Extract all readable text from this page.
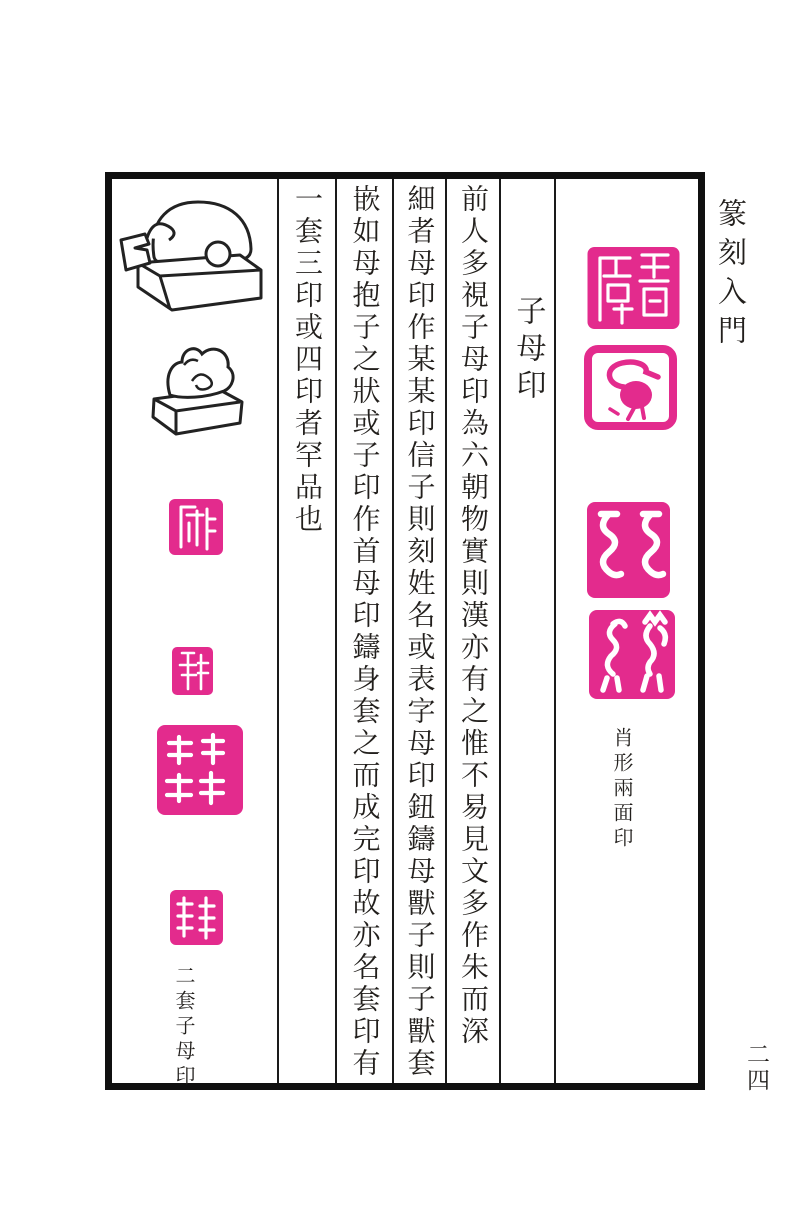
篆刻入門
二四
二套子母印
一套三印或四印者罕品也 嵌如母抱子之狀或子印作首母印鑄身套之而成完印故亦名套印有 細者母印作某某印信子則刻姓名或表字母印鈕鑄母獸子則子獸套 前人多視子母印為六朝物實則漢亦有之惟不易見文多作朱而深 子母印
肖形兩面印
